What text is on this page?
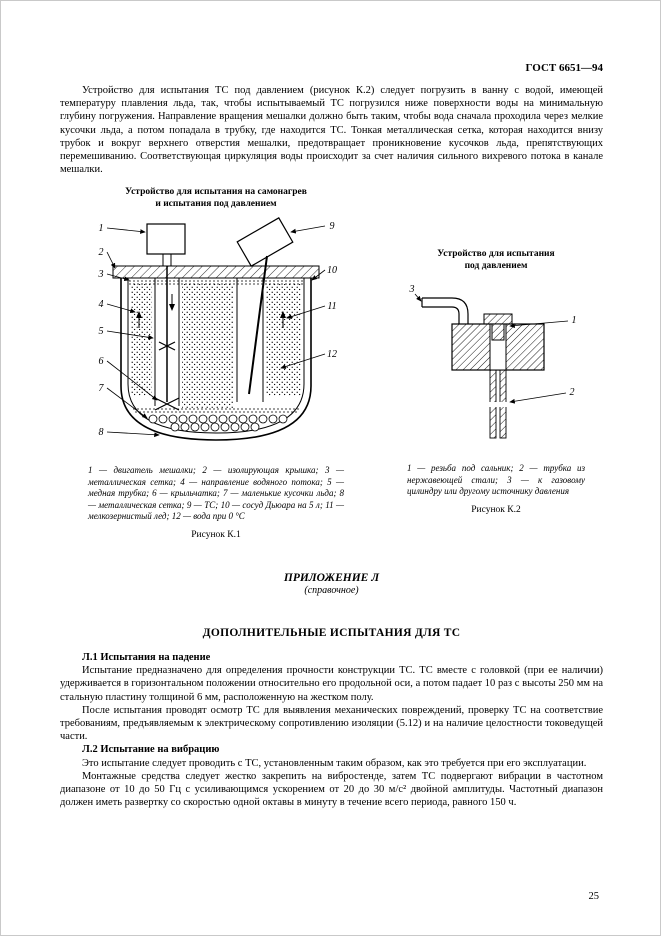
ГОСТ 6651—94

Устройство для испытания ТС под давлением (рисунок К.2) следует погрузить в ванну с водой, имеющей температуру плавления льда, так, чтобы испытываемый ТС погрузился ниже поверхности воды на минимальную глубину погружения. Направление вращения мешалки должно быть таким, чтобы вода сначала проходила через мелкие кусочки льда, а потом попадала в трубку, где находится ТС. Тонкая металлическая сетка, которая находится внизу трубок и вокруг верхнего отверстия мешалки, предотвращает проникновение кусочков льда, препятствующих перемешиванию. Соответствующая циркуляция воды происходит за счет наличия сильного вихревого потока в канале мешалки.

Устройство для испытания на самонагрев
и испытания под давлением
1
2
3
4
5
6
7
8
9
10
11
12

1 — двигатель мешалки; 2 — изолирующая крышка; 3 — металлическая сетка; 4 — направление водяного потока; 5 — медная трубка; 6 — крыльчатка; 7 — маленькие кусочки льда; 8 — металлическая сетка; 9 — ТС; 10 — сосуд Дьюара на 5 л; 11 — мелкозернистый лед; 12 — вода при 0 °С

Рисунок К.1
Устройство для испытания
под давлением
3
1
2

1 — резьба под сальник; 2 — трубка из нержавеющей стали; 3 — к газовому цилиндру или другому источнику давления

Рисунок К.2
ПРИЛОЖЕНИЕ Л
(справочное)
ДОПОЛНИТЕЛЬНЫЕ ИСПЫТАНИЯ ДЛЯ ТС

Л.1 Испытания на падение

Испытание предназначено для определения прочности конструкции ТС. ТС вместе с головкой (при ее наличии) удерживается в горизонтальном положении относительно его продольной оси, а потом падает 10 раз с высоты 250 мм на стальную пластину толщиной 6 мм, расположенную на жестком полу.

После испытания проводят осмотр ТС для выявления механических повреждений, проверку ТС на соответствие требованиям, предъявляемым к электрическому сопротивлению изоляции (5.12) и на наличие целостности токоведущей части.

Л.2 Испытание на вибрацию

Это испытание следует проводить с ТС, установленным таким образом, как это требуется при его эксплуатации.

Монтажные средства следует жестко закрепить на вибростенде, затем ТС подвергают вибрации в частотном диапазоне от 10 до 50 Гц с усиливающимся ускорением от 20 до 30 м/с² двойной амплитуды. Частотный диапазон должен иметь развертку со скоростью одной октавы в минуту в течение всего периода, равного 150 ч.

25
